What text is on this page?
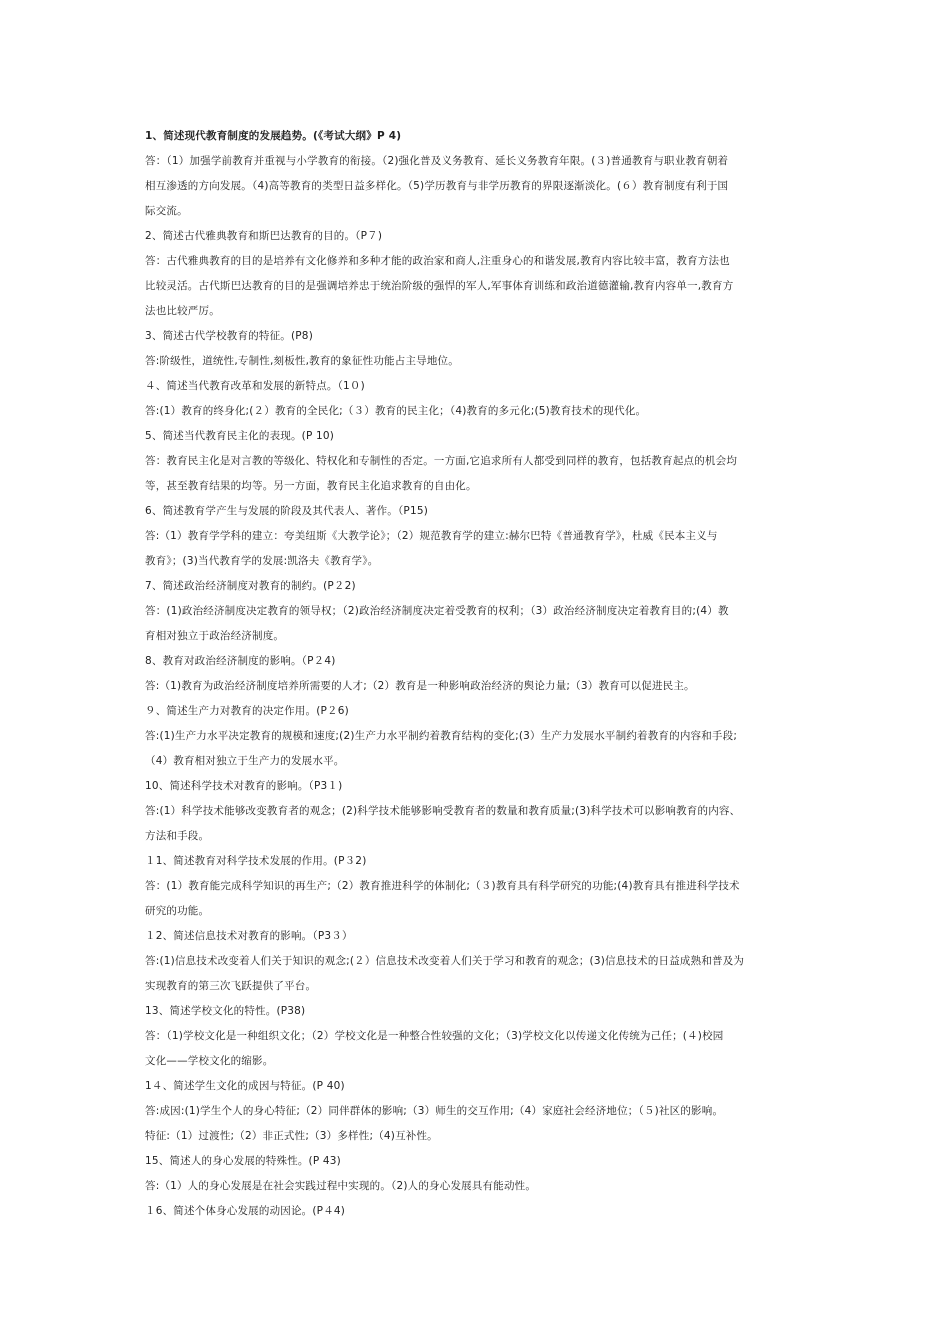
1、简述现代教育制度的发展趋势。(《考试大纲》P 4)
答：（1）加强学前教育并重视与小学教育的衔接。（2)强化普及义务教育、延长义务教育年限。(３)普通教育与职业教育朝着
相互渗透的方向发展。（4)高等教育的类型日益多样化。（5)学历教育与非学历教育的界限逐渐淡化。(６）教育制度有利于国
际交流。
2、简述古代雅典教育和斯巴达教育的目的。（P７)
答：古代雅典教育的目的是培养有文化修养和多种才能的政治家和商人,注重身心的和谐发展,教育内容比较丰富，教育方法也
比较灵活。古代斯巴达教育的目的是强调培养忠于统治阶级的强悍的军人,军事体育训练和政治道德灌输,教育内容单一,教育方
法也比较严厉。
3、简述古代学校教育的特征。(P8)
答:阶级性，道统性,专制性,刻板性,教育的象征性功能占主导地位。
４、简述当代教育改革和发展的新特点。（1０)
答:(1）教育的终身化;(２）教育的全民化;（３）教育的民主化；（4)教育的多元化;(5)教育技术的现代化。
5、简述当代教育民主化的表现。(P 10)
答：教育民主化是对言教的等级化、特权化和专制性的否定。一方面,它追求所有人都受到同样的教育，包括教育起点的机会均
等，甚至教育结果的均等。另一方面，教育民主化追求教育的自由化。
6、简述教育学产生与发展的阶段及其代表人、著作。（P15)
答:（1）教育学学科的建立：夸美纽斯《大教学论》；（2）规范教育学的建立:赫尔巴特《普通教育学》，杜威《民本主义与
教育》；(3)当代教育学的发展:凯洛夫《教育学》。
7、简述政治经济制度对教育的制约。(P２2)
答：(1)政治经济制度决定教育的领导权；（2)政治经济制度决定着受教育的权利；（3）政治经济制度决定着教育目的;(4）教
育相对独立于政治经济制度。
8、教育对政治经济制度的影响。（P２4)
答:（1)教育为政治经济制度培养所需要的人才;（2）教育是一种影响政治经济的舆论力量;（3）教育可以促进民主。
９、简述生产力对教育的决定作用。(P２6)
答:(1)生产力水平决定教育的规模和速度;(2)生产力水平制约着教育结构的变化;(3）生产力发展水平制约着教育的内容和手段;
（4）教育相对独立于生产力的发展水平。
10、简述科学技术对教育的影响。（P3１)
答:(1）科学技术能够改变教育者的观念；(2)科学技术能够影响受教育者的数量和教育质量;(3)科学技术可以影响教育的内容、
方法和手段。
１1、简述教育对科学技术发展的作用。(P３2)
答：(1）教育能完成科学知识的再生产;（2）教育推进科学的体制化;（３)教育具有科学研究的功能;(4)教育具有推进科学技术
研究的功能。
１2、简述信息技术对教育的影响。（P3３）
答:(1)信息技术改变着人们关于知识的观念;(２）信息技术改变着人们关于学习和教育的观念；(3)信息技术的日益成熟和普及为
实现教育的第三次飞跃提供了平台。
13、简述学校文化的特性。(P38)
答：（1)学校文化是一种组织文化；（2）学校文化是一种整合性较强的文化；（3)学校文化以传递文化传统为己任；(４)校园
文化——学校文化的缩影。
1４、简述学生文化的成因与特征。(P 40)
答:成因:(1)学生个人的身心特征;（2）同伴群体的影响;（3）师生的交互作用;（4）家庭社会经济地位；（５)社区的影响。
特征:（1）过渡性;（2）非正式性;（3）多样性;（4)互补性。
15、简述人的身心发展的特殊性。(P 43)
答:（1）人的身心发展是在社会实践过程中实现的。（2)人的身心发展具有能动性。
１6、简述个体身心发展的动因论。(P４4)
